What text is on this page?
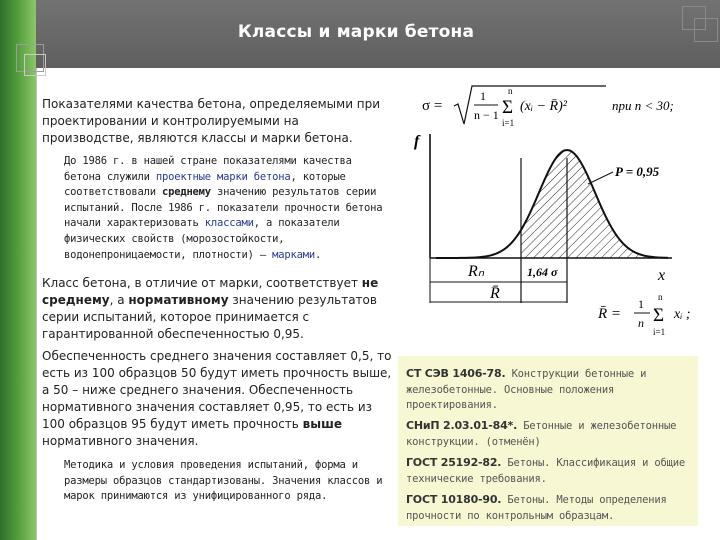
Классы и марки бетона
Показателями качества бетона, определяемыми при проектировании и контролируемыми на производстве, являются классы и марки бетона.
До 1986 г. в нашей стране показателями качества бетона служили проектные марки бетона, которые соответствовали среднему значению результатов серии испытаний. После 1986 г. показатели прочности бетона начали характеризовать классами, а показатели физических свойств (морозостойкости, водонепроницаемости, плотности) – марками.
Класс бетона, в отличие от марки, соответствует не среднему, а нормативному значению результатов серии испытаний, которое принимается с гарантированной обеспеченностью 0,95.
Обеспеченность среднего значения составляет 0,5, то есть из 100 образцов 50 будут иметь прочность выше, а 50 – ниже среднего значения. Обеспеченность нормативного значения составляет 0,95, то есть из 100 образцов 95 будут иметь прочность выше нормативного значения.
Методика и условия проведения испытаний, форма и размеры образцов стандартизованы. Значения классов и марок принимаются из унифицированного ряда.
σ =
1
n − 1
n
Σ
i=1
(xᵢ − R̄)²	при n < 30;
f
x
P = 0,95
1,64 σ
Rₙ
R̄
R̄ =
1
n
n
Σ
i=1
xᵢ ;
СТ СЭВ 1406-78. Конструкции бетонные и железобетонные. Основные положения проектирования.
СНиП 2.03.01-84*. Бетонные и железобетонные конструкции. (отменён)
ГОСТ 25192-82. Бетоны. Классификация и общие технические требования.
ГОСТ 10180-90. Бетоны. Методы определения прочности по контрольным образцам.
